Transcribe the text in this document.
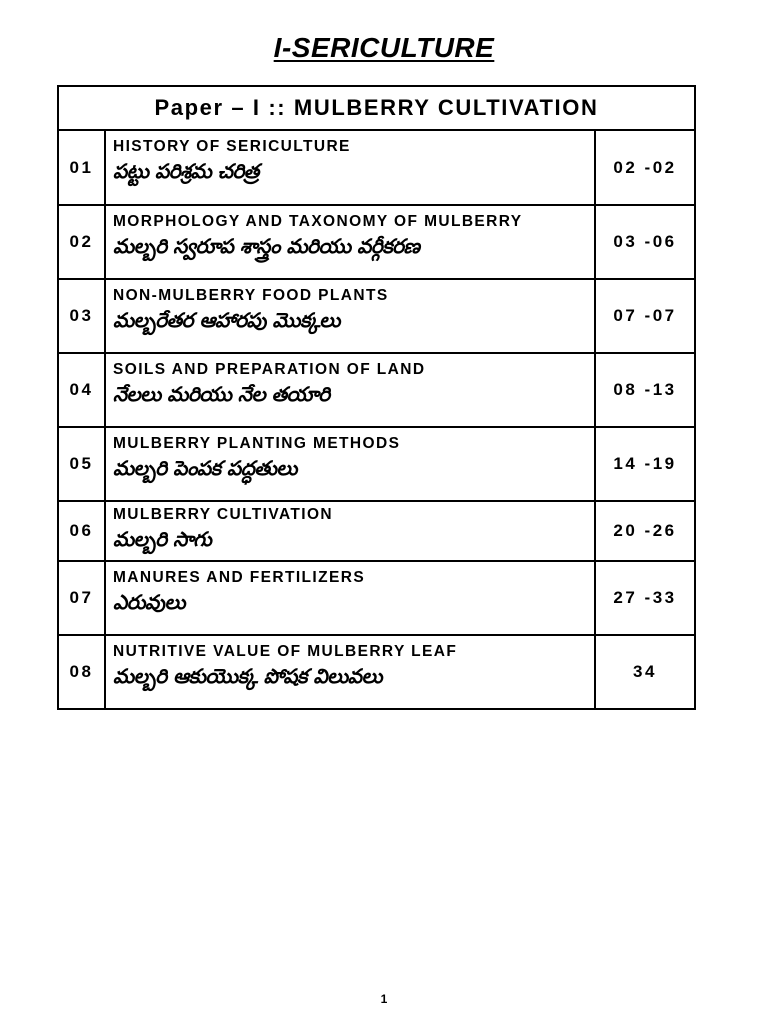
I-SERICULTURE
Paper – I :: MULBERRY CULTIVATION		
01	HISTORY OF SERICULTURE
పట్టు పరిశ్రమ చరిత్ర	02 -02
02	MORPHOLOGY AND TAXONOMY OF MULBERRY
మల్బరి స్వరూప శాస్త్రం మరియు వర్గీకరణ	03 -06
03	NON-MULBERRY FOOD PLANTS
మల్బరేతర ఆహారపు మొక్కలు	07 -07
04	SOILS AND PREPARATION OF LAND
నేలలు మరియు నేల తయారి	08 -13
05	MULBERRY PLANTING METHODS
మల్బరి పెంపక పద్ధతులు	14 -19
06	MULBERRY CULTIVATION
మల్బరి సాగు	20 -26
07	MANURES AND FERTILIZERS
ఎరువులు	27 -33
08	NUTRITIVE VALUE OF MULBERRY LEAF
మల్బరి ఆకుయొక్క పోషక విలువలు	34
1
